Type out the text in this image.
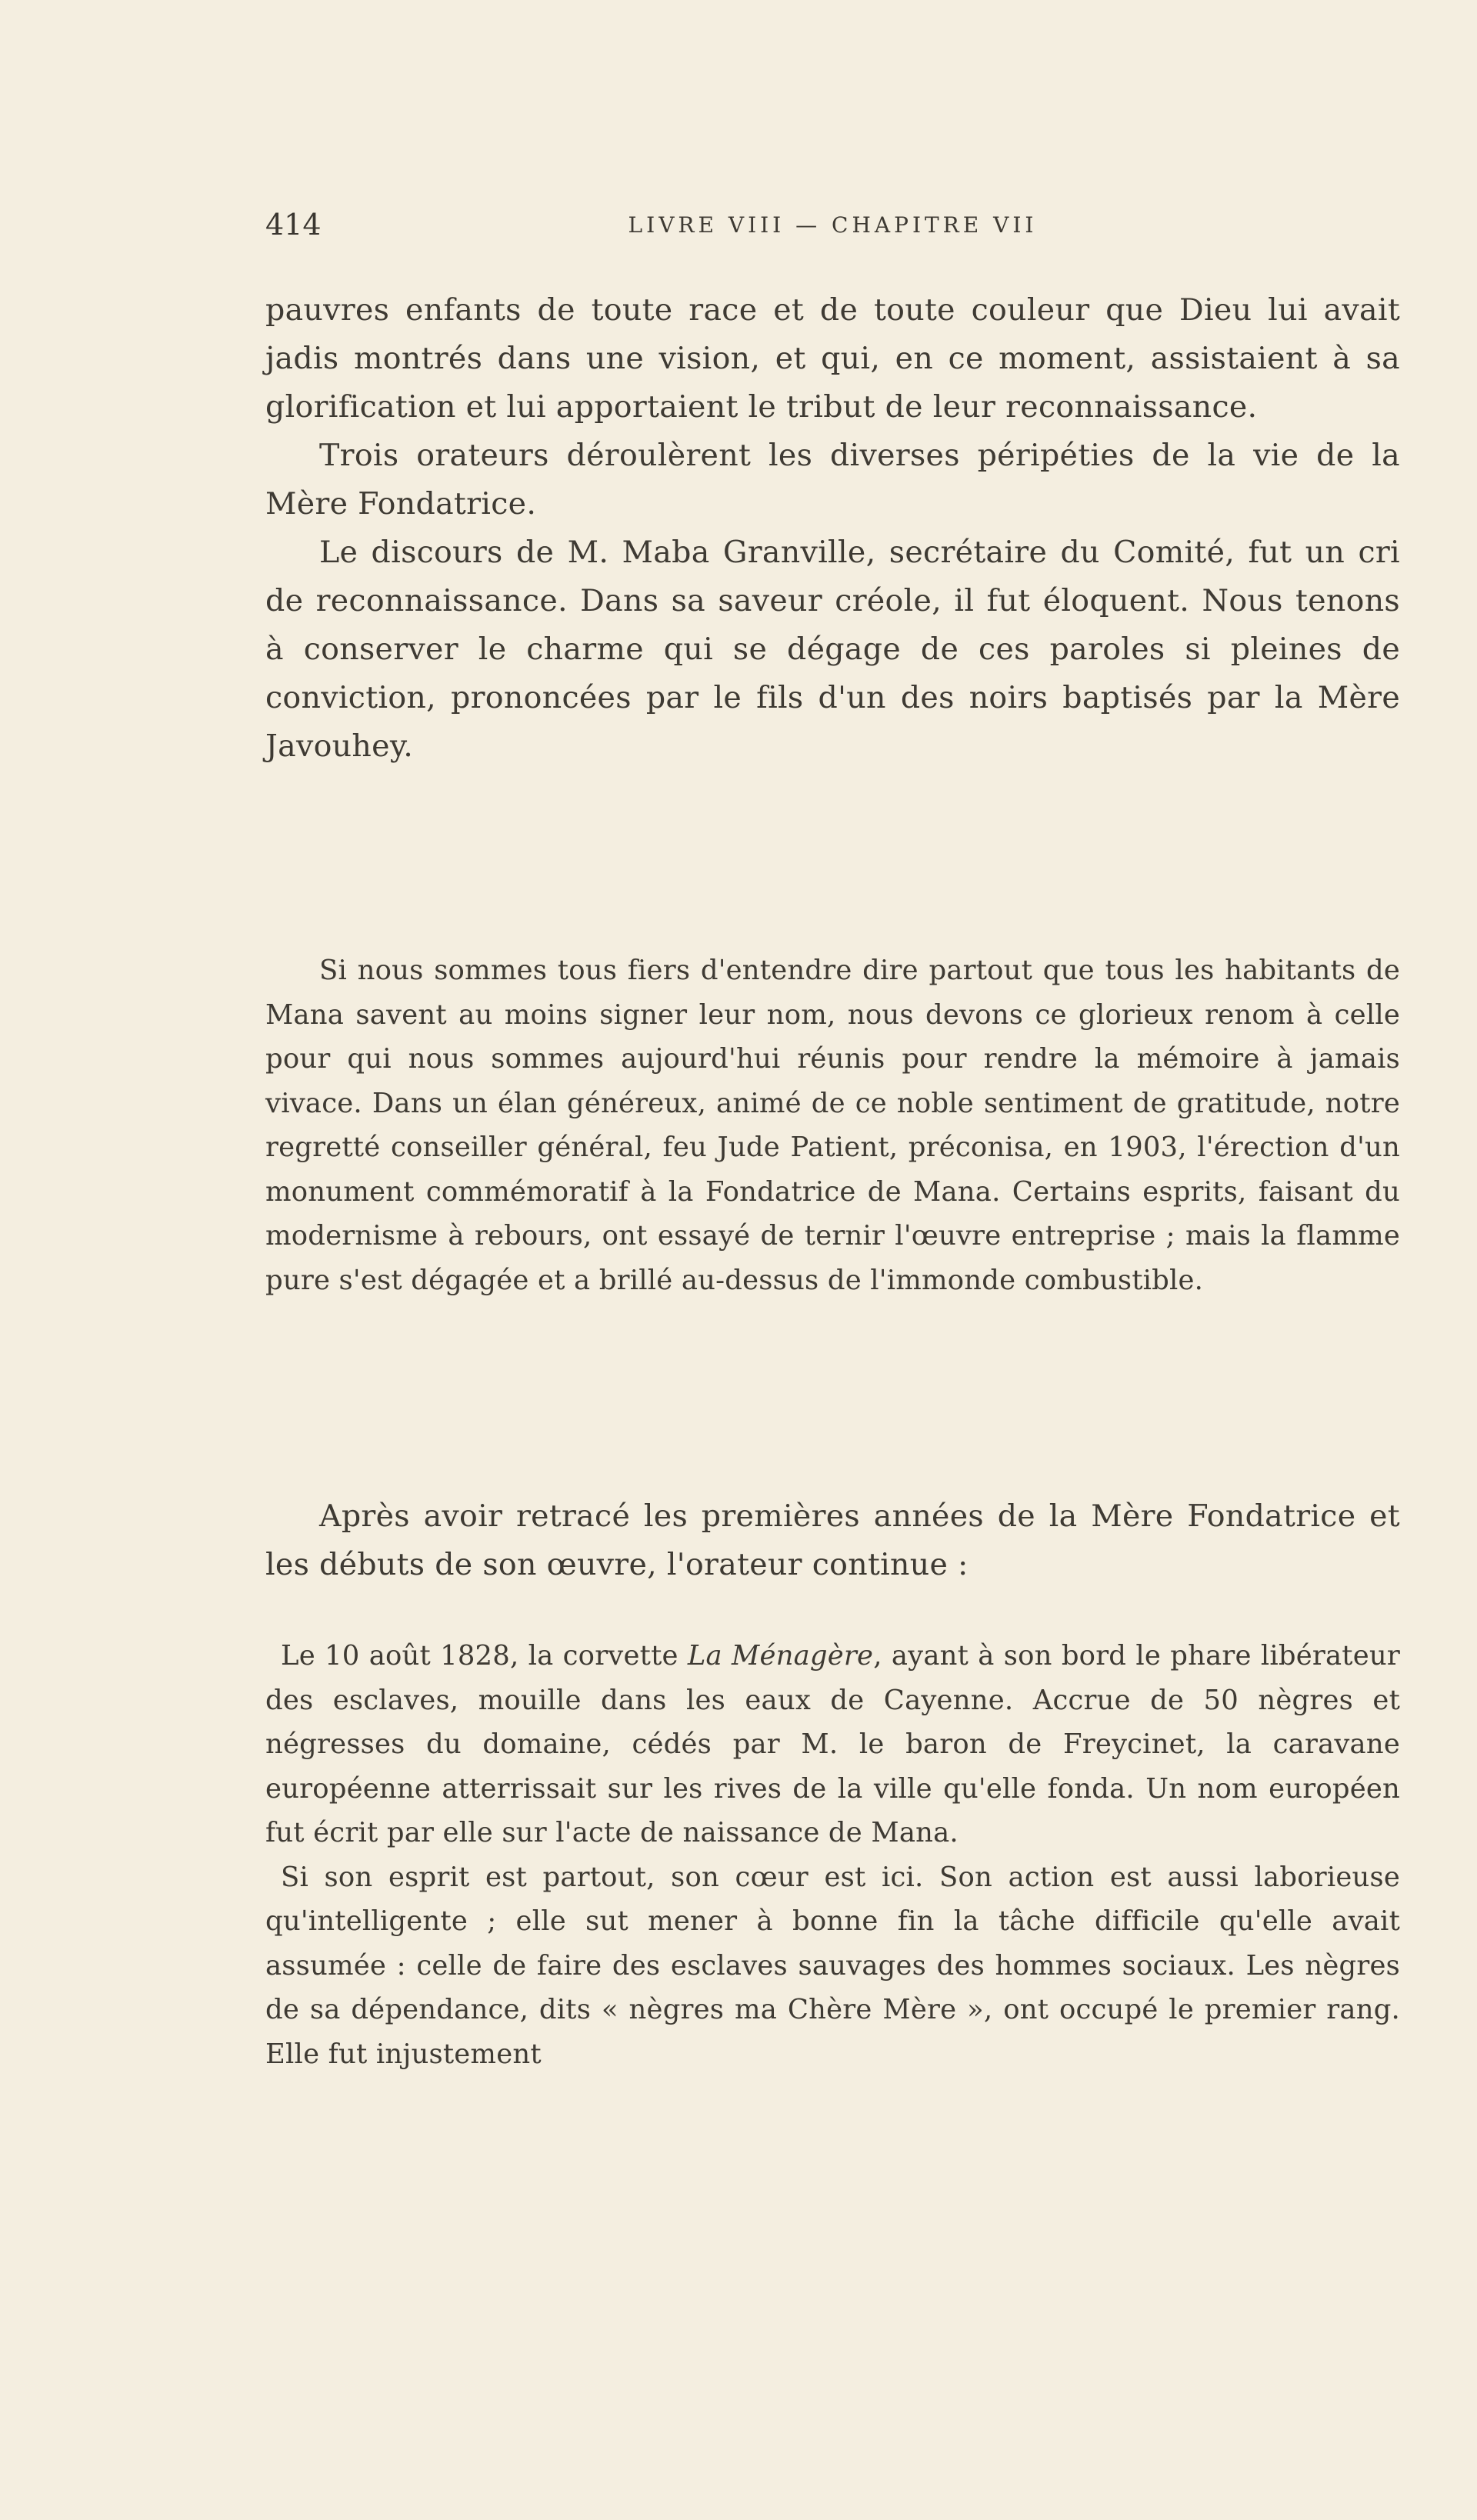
414	LIVRE VIII — CHAPITRE VII

pauvres enfants de toute race et de toute couleur que Dieu lui avait jadis montrés dans une vision, et qui, en ce moment, assistaient à sa glorification et lui apportaient le tribut de leur reconnaissance.

Trois orateurs déroulèrent les diverses péripéties de la vie de la Mère Fondatrice.

Le discours de M. Maba Granville, secrétaire du Comité, fut un cri de reconnaissance. Dans sa saveur créole, il fut éloquent. Nous tenons à conserver le charme qui se dégage de ces paroles si pleines de conviction, prononcées par le fils d'un des noirs baptisés par la Mère Javouhey.

Si nous sommes tous fiers d'entendre dire partout que tous les habitants de Mana savent au moins signer leur nom, nous devons ce glorieux renom à celle pour qui nous sommes aujourd'hui réunis pour rendre la mémoire à jamais vivace. Dans un élan généreux, animé de ce noble sentiment de gratitude, notre regretté conseiller général, feu Jude Patient, préconisa, en 1903, l'érection d'un monument commémoratif à la Fondatrice de Mana. Certains esprits, faisant du modernisme à rebours, ont essayé de ternir l'œuvre entreprise ; mais la flamme pure s'est dégagée et a brillé au-dessus de l'immonde combustible.

Après avoir retracé les premières années de la Mère Fondatrice et les débuts de son œuvre, l'orateur continue :

Le 10 août 1828, la corvette La Ménagère, ayant à son bord le phare libérateur des esclaves, mouille dans les eaux de Cayenne. Accrue de 50 nègres et négresses du domaine, cédés par M. le baron de Freycinet, la caravane européenne atterrissait sur les rives de la ville qu'elle fonda. Un nom européen fut écrit par elle sur l'acte de naissance de Mana.

Si son esprit est partout, son cœur est ici. Son action est aussi laborieuse qu'intelligente ; elle sut mener à bonne fin la tâche difficile qu'elle avait assumée : celle de faire des esclaves sauvages des hommes sociaux. Les nègres de sa dépendance, dits « nègres ma Chère Mère », ont occupé le premier rang. Elle fut injustement
